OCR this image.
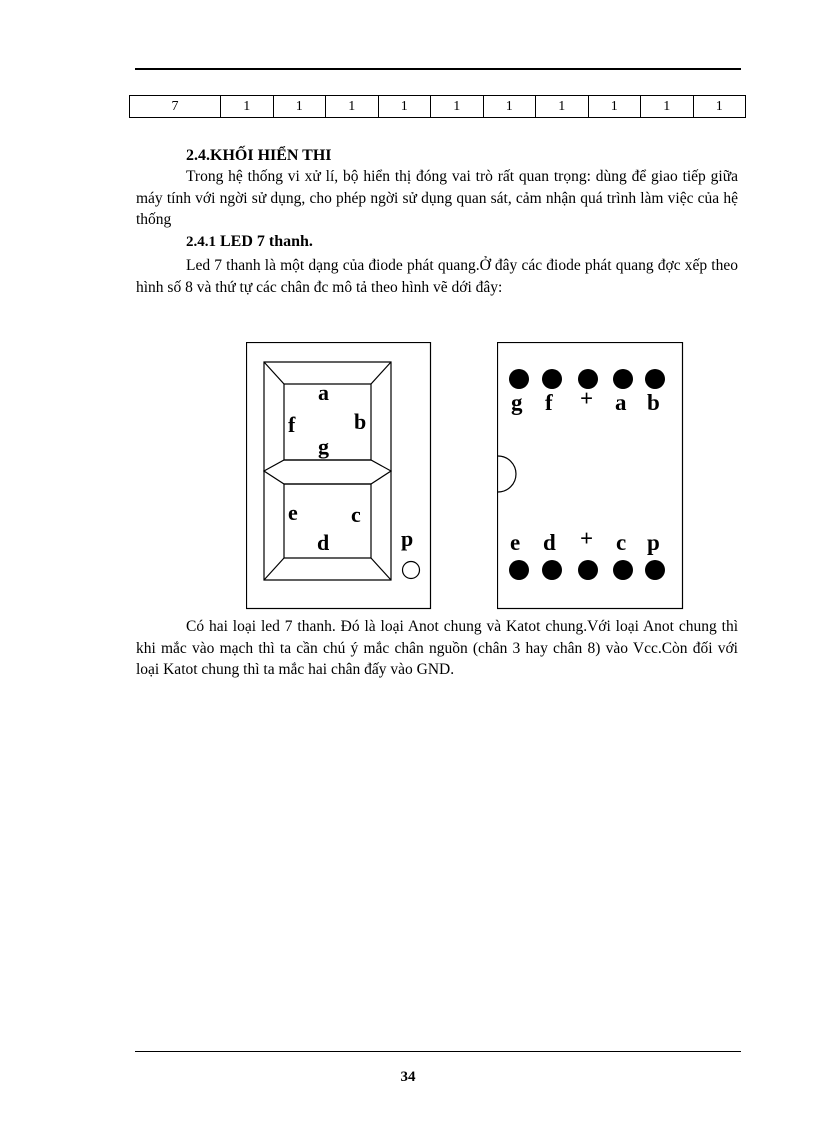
7	1	1	1	1	1	1	1	1	1	1
2.4.KHỐI HIỂN THI
Trong hệ thống vi xử lí, bộ hiển thị đóng vai trò rất quan trọng: dùng để giao tiếp giữa máy tính với ngời sử dụng, cho phép ngời sử dụng quan sát, cảm nhận quá trình làm việc của hệ thống
2.4.1 LED 7 thanh.
Led 7 thanh là một dạng của điode phát quang.Ở đây các điode phát quang đợc xếp theo hình số 8 và thứ tự các chân đc mô tả theo hình vẽ dới đây:
a
b
f
g
e c
d	p
g f + a b
e d + c p
Có hai loại led 7 thanh. Đó là loại Anot chung và Katot chung.Với loại Anot chung thì khi mắc vào mạch thì ta cần chú ý mắc chân nguồn (chân 3 hay chân 8) vào Vcc.Còn đối với loại Katot chung thì ta mắc hai chân đấy vào GND.
34
